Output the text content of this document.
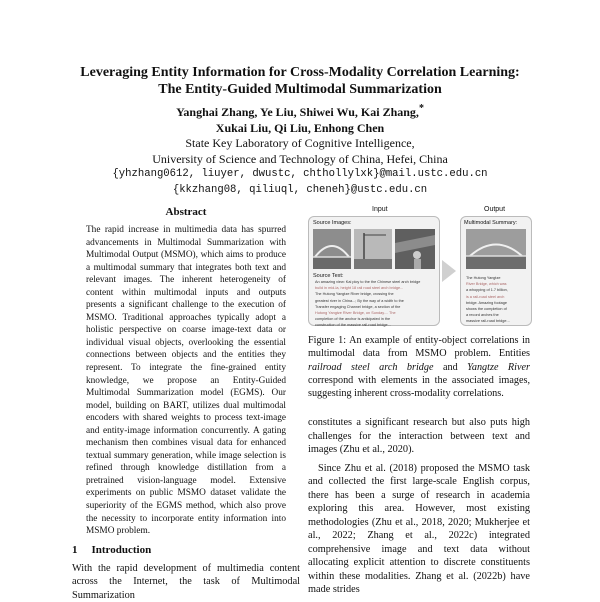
Leveraging Entity Information for Cross-Modality Correlation Learning:
The Entity-Guided Multimodal Summarization
Yanghai Zhang, Ye Liu, Shiwei Wu, Kai Zhang,*
Xukai Liu, Qi Liu, Enhong Chen
State Key Laboratory of Cognitive Intelligence,
University of Science and Technology of China, Hefei, China
{yhzhang0612, liuyer, dwustc, chthollylxk}@mail.ustc.edu.cn
{kkzhang08, qiliuql, cheneh}@ustc.edu.cn
Abstract
The rapid increase in multimedia data has spurred advancements in Multimodal Summarization with Multimodal Output (MSMO), which aims to produce a multimodal summary that integrates both text and relevant images. The inherent heterogeneity of content within multimodal inputs and outputs presents a significant challenge to the execution of MSMO. Traditional approaches typically adopt a holistic perspective on coarse image-text data or individual visual objects, overlooking the essential connections between objects and the entities they represent. To integrate the fine-grained entity knowledge, we propose an Entity-Guided Multimodal Summarization model (EGMS). Our model, building on BART, utilizes dual multimodal encoders with shared weights to process text-image and entity-image information concurrently. A gating mechanism then combines visual data for enhanced textual summary generation, while image selection is refined through knowledge distillation from a pretrained vision-language model. Extensive experiments on public MSMO dataset validate the superiority of the EGMS method, which also prove the necessity to incorporate entity information into MSMO problem.
1 Introduction
With the rapid development of multimedia content across the Internet, the task of Multimodal Summarization
Input	Output
Source Images:
Source Text:
An amazing view: Kai ploy to the the Chinese steel arch bridge
build in mid-la, height 18 rail road steel arch bridge...
The Hutong Yangtze River bridge, crossing the
greatest river in China...; By the way of a width to the
Transfer engaging Channel bridge, a section of the
Hutong Yangtze River Bridge, on Sunday.... The
completion of the anchor is anticipated in the
construction of the massive rail-road bridge...
Multimodal Summary:
The Hutong Yangtze
River Bridge, which was
a whopping of 1.7 billion,
is a rail-road steel arch
bridge. Amazing footage
shows the completion of
a record arches the
massive rail-road bridge...
Figure 1: An example of entity-object correlations in multimodal data from MSMO problem. Entities railroad steel arch bridge and Yangtze River correspond with elements in the associated images, suggesting inherent cross-modality correlations.

constitutes a significant research but also puts high challenges for the interaction between text and images (Zhu et al., 2020).

Since Zhu et al. (2018) proposed the MSMO task and collected the first large-scale English corpus, there has been a surge of research in academia exploring this area. However, most existing methodologies (Zhu et al., 2018, 2020; Mukherjee et al., 2022; Zhang et al., 2022c) integrated comprehensive image and text data without allocating explicit attention to discrete constituents within these modalities. Zhang et al. (2022b) have made strides
